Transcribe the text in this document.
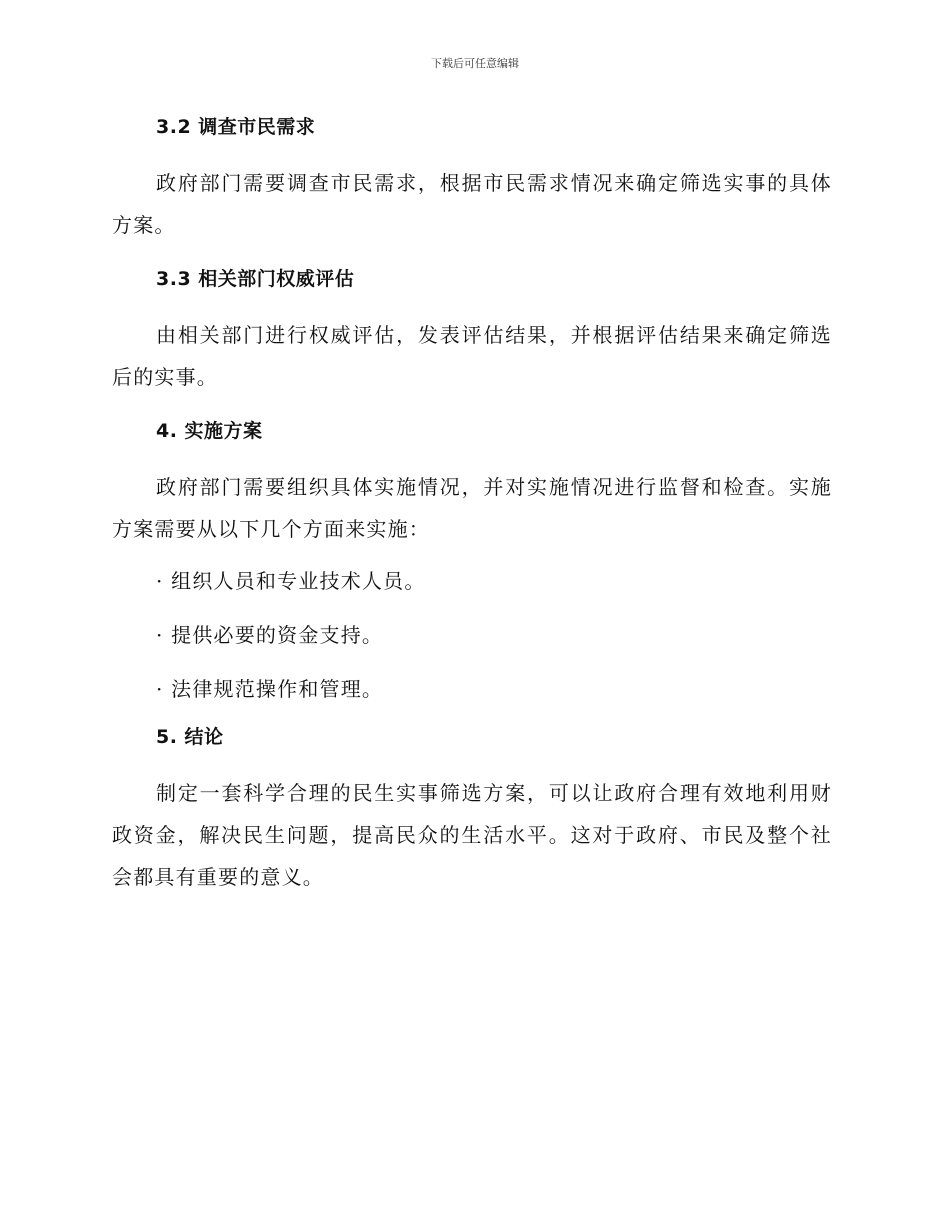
下载后可任意编辑
3.2 调查市民需求

政府部门需要调查市民需求，根据市民需求情况来确定筛选实事的具体方案。

3.3 相关部门权威评估

由相关部门进行权威评估，发表评估结果，并根据评估结果来确定筛选后的实事。

4. 实施方案

政府部门需要组织具体实施情况，并对实施情况进行监督和检查。实施方案需要从以下几个方面来实施：

· 组织人员和专业技术人员。
· 提供必要的资金支持。
· 法律规范操作和管理。
5. 结论

制定一套科学合理的民生实事筛选方案，可以让政府合理有效地利用财政资金，解决民生问题，提高民众的生活水平。这对于政府、市民及整个社会都具有重要的意义。
